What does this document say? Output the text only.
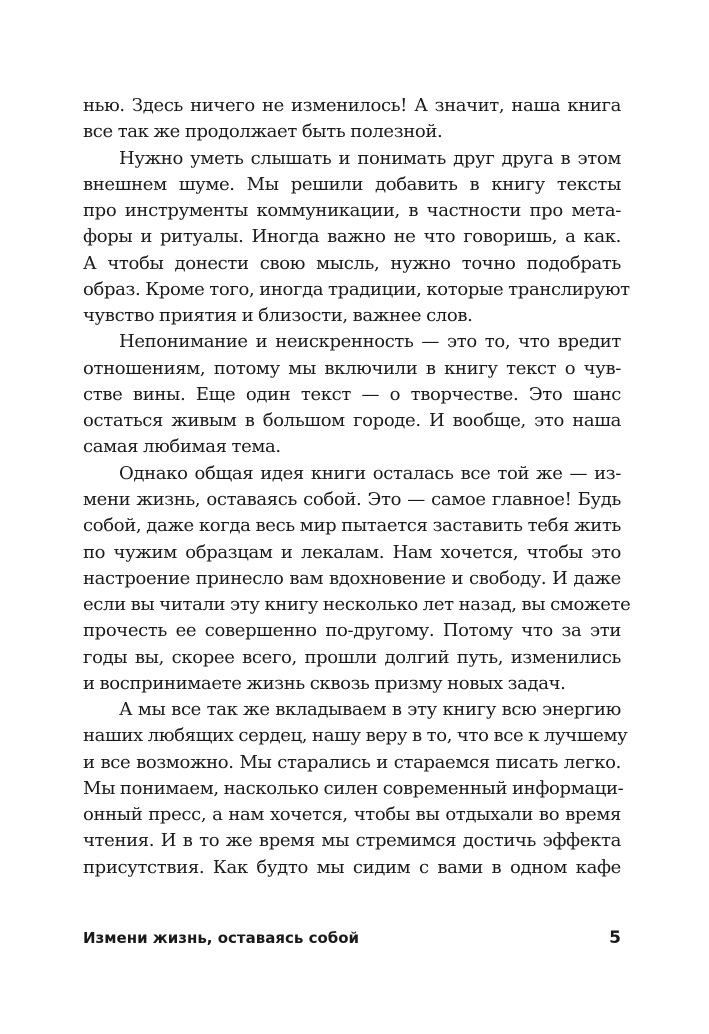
нью. Здесь ничего не изменилось! А значит, наша книга
все так же продолжает быть полезной.
Нужно уметь слышать и понимать друг друга в этом
внешнем шуме. Мы решили добавить в книгу тексты
про инструменты коммуникации, в частности про мета-
форы и ритуалы. Иногда важно не что говоришь, а как.
А чтобы донести свою мысль, нужно точно подобрать
образ. Кроме того, иногда традиции, которые транслируют
чувство приятия и близости, важнее слов.
Непонимание и неискренность — это то, что вредит
отношениям, потому мы включили в книгу текст о чув-
стве вины. Еще один текст — о творчестве. Это шанс
остаться живым в большом городе. И вообще, это наша
самая любимая тема.
Однако общая идея книги осталась все той же — из-
мени жизнь, оставаясь собой. Это — самое главное! Будь
собой, даже когда весь мир пытается заставить тебя жить
по чужим образцам и лекалам. Нам хочется, чтобы это
настроение принесло вам вдохновение и свободу. И даже
если вы читали эту книгу несколько лет назад, вы сможете
прочесть ее совершенно по-другому. Потому что за эти
годы вы, скорее всего, прошли долгий путь, изменились
и воспринимаете жизнь сквозь призму новых задач.
А мы все так же вкладываем в эту книгу всю энергию
наших любящих сердец, нашу веру в то, что все к лучшему
и все возможно. Мы старались и стараемся писать легко.
Мы понимаем, насколько силен современный информаци-
онный пресс, а нам хочется, чтобы вы отдыхали во время
чтения. И в то же время мы стремимся достичь эффекта
присутствия. Как будто мы сидим с вами в одном кафе
Измени жизнь, оставаясь собой	5
